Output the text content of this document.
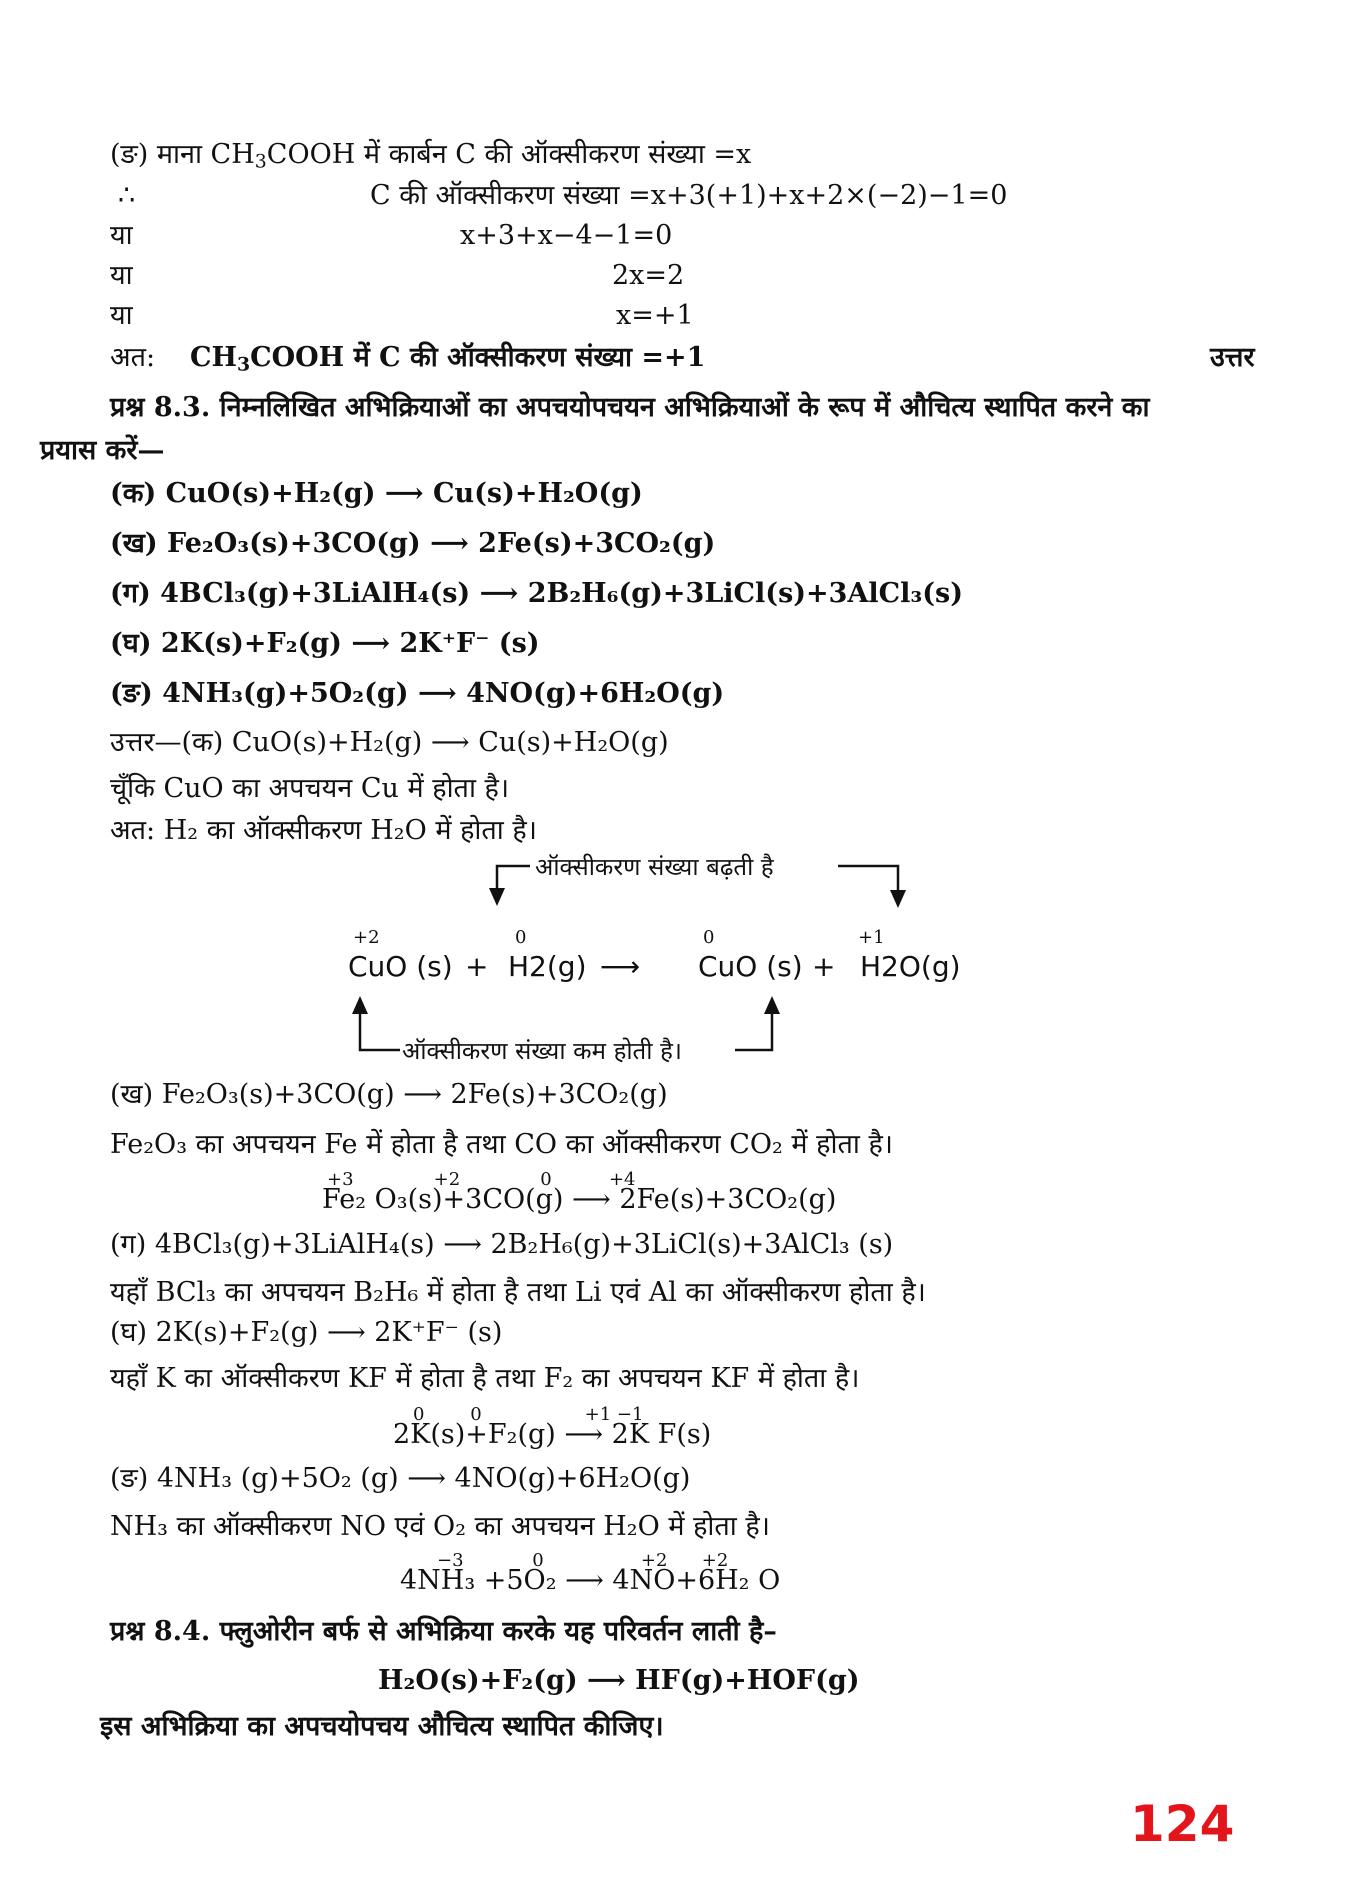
(ङ) माना $CH_3COOH$ में कार्बन C की ऑक्सीकरण संख्या =x
∴	C की ऑक्सीकरण संख्या =x+3(+1)+x+2×(−2)−1=0
या	x+3+x−4−1=0
या	2x=2
या	x=+1
अत: $CH_3COOH$ में C की ऑक्सीकरण संख्या =+1	उत्तर
प्रश्न 8.3. निम्नलिखित अभिक्रियाओं का अपचयोपचयन अभिक्रियाओं के रूप में औचित्य स्थापित करने का
प्रयास करें—
(क) CuO(s)+H₂(g) ⟶ Cu(s)+H₂O(g)
(ख) Fe₂O₃(s)+3CO(g) ⟶ 2Fe(s)+3CO₂(g)
(ग) 4BCl₃(g)+3LiAlH₄(s) ⟶ 2B₂H₆(g)+3LiCl(s)+3AlCl₃(s)
(घ) 2K(s)+F₂(g) ⟶ 2K⁺F⁻ (s)
(ङ) 4NH₃(g)+5O₂(g) ⟶ 4NO(g)+6H₂O(g)
उत्तर—(क) CuO(s)+H₂(g) ⟶ Cu(s)+H₂O(g)
चूँकि CuO का अपचयन Cu में होता है।
अत: H₂ का ऑक्सीकरण H₂O में होता है।
ऑक्सीकरण संख्या बढ़ती है
ऑक्सीकरण संख्या कम होती है।
+2
CuO (s) +
0
H2(g) ⟶
0
CuO (s) +
+1
H2O(g)
(ख) Fe₂O₃(s)+3CO(g) ⟶ 2Fe(s)+3CO₂(g)
Fe₂O₃ का अपचयन Fe में होता है तथा CO का ऑक्सीकरण CO₂ में होता है।
+3              +2              0          +4
Fe₂ O₃(s)+3CO(g) ⟶ 2Fe(s)+3CO₂(g)
(ग) 4BCl₃(g)+3LiAlH₄(s) ⟶ 2B₂H₆(g)+3LiCl(s)+3AlCl₃ (s)
यहाँ BCl₃ का अपचयन B₂H₆ में होता है तथा Li एवं Al का ऑक्सीकरण होता है।
(घ) 2K(s)+F₂(g) ⟶ 2K⁺F⁻ (s)
यहाँ K का ऑक्सीकरण KF में होता है तथा F₂ का अपचयन KF में होता है।
0        0                  +1 −1
2K(s)+F₂(g) ⟶ 2K F(s)
(ङ) 4NH₃ (g)+5O₂ (g) ⟶ 4NO(g)+6H₂O(g)
NH₃ का ऑक्सीकरण NO एवं O₂ का अपचयन H₂O में होता है।
−3            0                 +2      +2
4NH₃ +5O₂ ⟶ 4NO+6H₂ O
प्रश्न 8.4. फ्लुओरीन बर्फ से अभिक्रिया करके यह परिवर्तन लाती है–
H₂O(s)+F₂(g) ⟶ HF(g)+HOF(g)
इस अभिक्रिया का अपचयोपचय औचित्य स्थापित कीजिए।
124
